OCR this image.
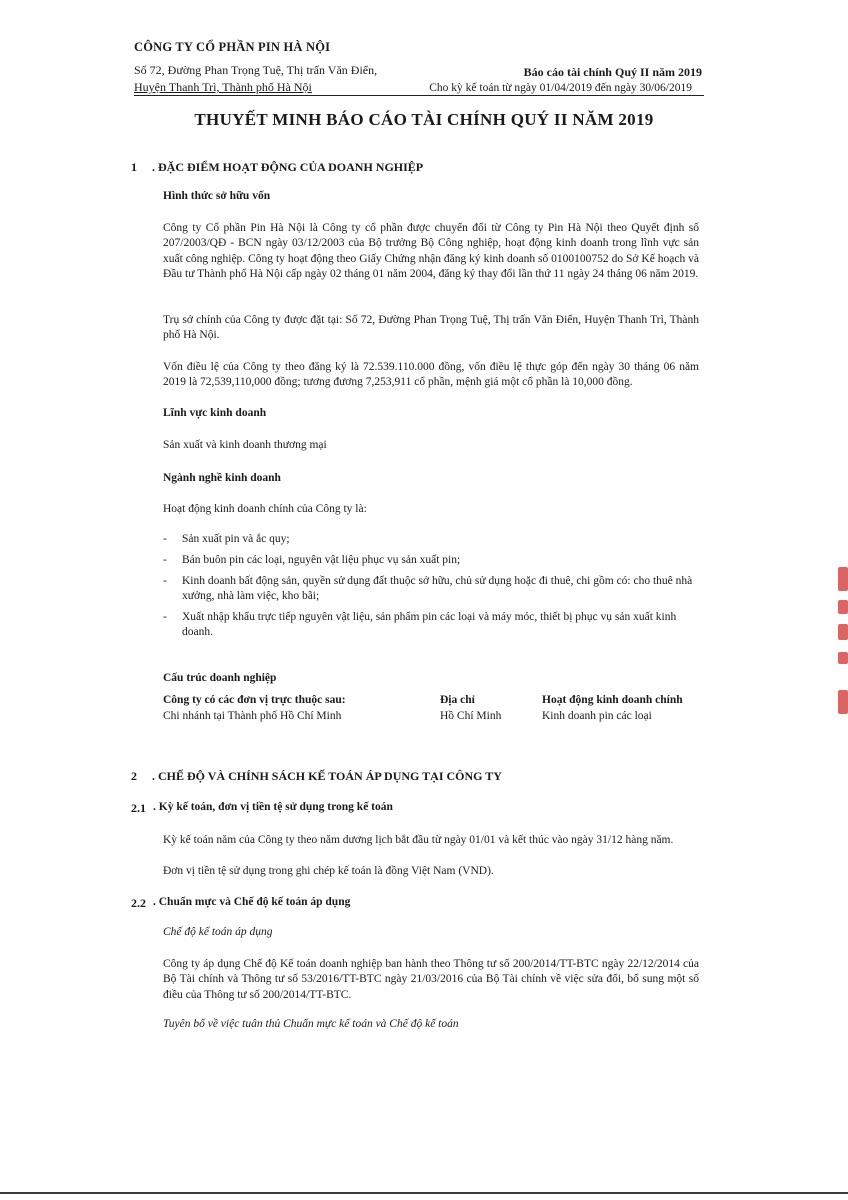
CÔNG TY CỔ PHẦN PIN HÀ NỘI
Số 72, Đường Phan Trọng Tuệ, Thị trấn Văn Điển,
Huyện Thanh Trì, Thành phố Hà Nội
Báo cáo tài chính Quý II năm 2019
Cho kỳ kế toán từ ngày 01/04/2019 đến ngày 30/06/2019
THUYẾT MINH BÁO CÁO TÀI CHÍNH QUÝ II NĂM 2019
1 . ĐẶC ĐIỂM HOẠT ĐỘNG CỦA DOANH NGHIỆP
Hình thức sở hữu vốn
Công ty Cổ phần Pin Hà Nội là Công ty cổ phần được chuyển đổi từ Công ty Pin Hà Nội theo Quyết định số 207/2003/QĐ - BCN ngày 03/12/2003 của Bộ trưởng Bộ Công nghiệp, hoạt động kinh doanh trong lĩnh vực sản xuất công nghiệp. Công ty hoạt động theo Giấy Chứng nhận đăng ký kinh doanh số 0100100752 do Sở Kế hoạch và Đầu tư Thành phố Hà Nội cấp ngày 02 tháng 01 năm 2004, đăng ký thay đổi lần thứ 11 ngày 24 tháng 06 năm 2019.
Trụ sở chính của Công ty được đặt tại: Số 72, Đường Phan Trọng Tuệ, Thị trấn Văn Điển, Huyện Thanh Trì, Thành phố Hà Nội.
Vốn điều lệ của Công ty theo đăng ký là 72.539.110.000 đồng, vốn điều lệ thực góp đến ngày 30 tháng 06 năm 2019 là 72,539,110,000 đồng; tương đương 7,253,911 cổ phần, mệnh giá một cổ phần là 10,000 đồng.
Lĩnh vực kinh doanh
Sản xuất và kinh doanh thương mại
Ngành nghề kinh doanh
Hoạt động kinh doanh chính của Công ty là:
- Sản xuất pin và ắc quy;
- Bán buôn pin các loại, nguyên vật liệu phục vụ sản xuất pin;
- Kinh doanh bất động sản, quyền sử dụng đất thuộc sở hữu, chủ sử dụng hoặc đi thuê, chi gồm có: cho thuê nhà xưởng, nhà làm việc, kho bãi;
- Xuất nhập khẩu trực tiếp nguyên vật liệu, sản phẩm pin các loại và máy móc, thiết bị phục vụ sản xuất kinh doanh.
Cấu trúc doanh nghiệp
Công ty có các đơn vị trực thuộc sau:	Địa chỉ	Hoạt động kinh doanh chính
Chi nhánh tại Thành phố Hồ Chí Minh	Hồ Chí Minh	Kinh doanh pin các loại
2 . CHẾ ĐỘ VÀ CHÍNH SÁCH KẾ TOÁN ÁP DỤNG TẠI CÔNG TY
2.1 . Kỳ kế toán, đơn vị tiền tệ sử dụng trong kế toán
Kỳ kế toán năm của Công ty theo năm dương lịch bắt đầu từ ngày 01/01 và kết thúc vào ngày 31/12 hàng năm.
Đơn vị tiền tệ sử dụng trong ghi chép kế toán là đồng Việt Nam (VND).
2.2 . Chuẩn mực và Chế độ kế toán áp dụng
Chế độ kế toán áp dụng
Công ty áp dụng Chế độ Kế toán doanh nghiệp ban hành theo Thông tư số 200/2014/TT-BTC ngày 22/12/2014 của Bộ Tài chính và Thông tư số 53/2016/TT-BTC ngày 21/03/2016 của Bộ Tài chính về việc sửa đổi, bổ sung một số điều của Thông tư số 200/2014/TT-BTC.
Tuyên bố về việc tuân thủ Chuẩn mực kế toán và Chế độ kế toán
